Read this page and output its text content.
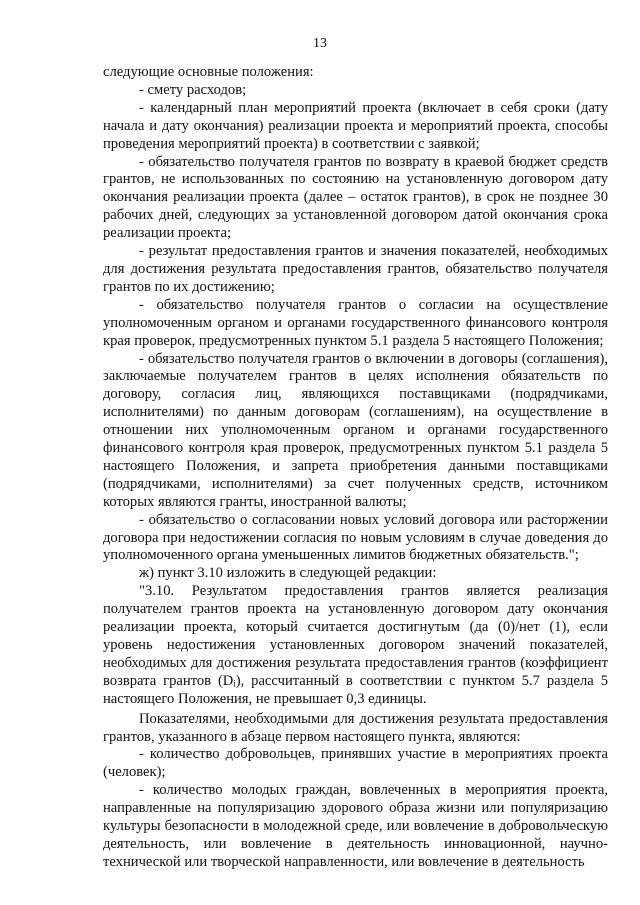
13

следующие основные положения:

- смету расходов;

- календарный план мероприятий проекта (включает в себя сроки (дату начала и дату окончания) реализации проекта и мероприятий проекта, способы проведения мероприятий проекта) в соответствии с заявкой;

- обязательство получателя грантов по возврату в краевой бюджет средств грантов, не использованных по состоянию на установленную договором дату окончания реализации проекта (далее – остаток грантов), в срок не позднее 30 рабочих дней, следующих за установленной договором датой окончания срока реализации проекта;

- результат предоставления грантов и значения показателей, необходимых для достижения результата предоставления грантов, обязательство получателя грантов по их достижению;

- обязательство получателя грантов о согласии на осуществление уполномоченным органом и органами государственного финансового контроля края проверок, предусмотренных пунктом 5.1 раздела 5 настоящего Положения;

- обязательство получателя грантов о включении в договоры (соглашения), заключаемые получателем грантов в целях исполнения обязательств по договору, согласия лиц, являющихся поставщиками (подрядчиками, исполнителями) по данным договорам (соглашениям), на осуществление в отношении них уполномоченным органом и органами государственного финансового контроля края проверок, предусмотренных пунктом 5.1 раздела 5 настоящего Положения, и запрета приобретения данными поставщиками (подрядчиками, исполнителями) за счет полученных средств, источником которых являются гранты, иностранной валюты;

- обязательство о согласовании новых условий договора или расторжении договора при недостижении согласия по новым условиям в случае доведения до уполномоченного органа уменьшенных лимитов бюджетных обязательств.";

ж) пункт 3.10 изложить в следующей редакции:

"3.10. Результатом предоставления грантов является реализация получателем грантов проекта на установленную договором дату окончания реализации проекта, который считается достигнутым (да (0)/нет (1), если уровень недостижения установленных договором значений показателей, необходимых для достижения результата предоставления грантов (коэффициент возврата грантов (Dᵢ), рассчитанный в соответствии с пунктом 5.7 раздела 5 настоящего Положения, не превышает 0,3 единицы.

Показателями, необходимыми для достижения результата предоставления грантов, указанного в абзаце первом настоящего пункта, являются:

- количество добровольцев, принявших участие в мероприятиях проекта (человек);

- количество молодых граждан, вовлеченных в мероприятия проекта, направленные на популяризацию здорового образа жизни или популяризацию культуры безопасности в молодежной среде, или вовлечение в добровольческую деятельность, или вовлечение в деятельность инновационной, научно-технической или творческой направленности, или вовлечение в деятельность
